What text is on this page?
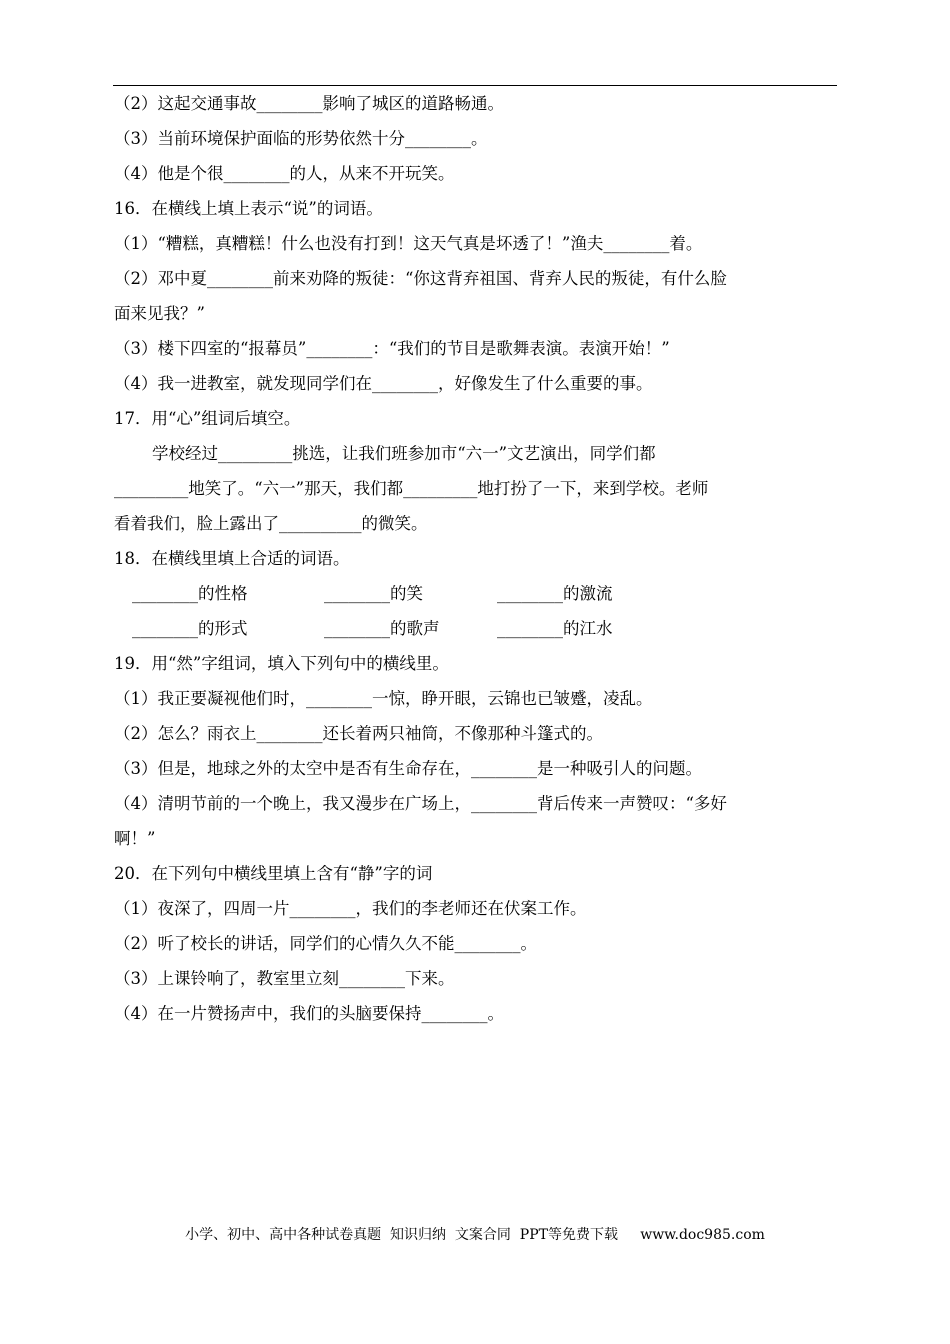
（2）这起交通事故________影响了城区的道路畅通。
（3）当前环境保护面临的形势依然十分________。
（4）他是个很________的人，从来不开玩笑。
16．在横线上填上表示“说”的词语。
（1）“糟糕，真糟糕！什么也没有打到！这天气真是坏透了！”渔夫________着。
（2）邓中夏________前来劝降的叛徒：“你这背弃祖国、背弃人民的叛徒，有什么脸
面来见我？”
（3）楼下四室的“报幕员”________：“我们的节目是歌舞表演。表演开始！”
（4）我一进教室，就发现同学们在________，好像发生了什么重要的事。
17．用“心”组词后填空。
学校经过_________挑选，让我们班参加市“六一”文艺演出，同学们都
_________地笑了。“六一”那天，我们都_________地打扮了一下，来到学校。老师
看着我们，脸上露出了__________的微笑。
18．在横线里填上合适的词语。
________的性格	________的笑	________的激流
________的形式	________的歌声	________的江水
19．用“然”字组词，填入下列句中的横线里。
（1）我正要凝视他们时，________一惊，睁开眼，云锦也已皱蹙，凌乱。
（2）怎么？雨衣上________还长着两只袖筒，不像那种斗篷式的。
（3）但是，地球之外的太空中是否有生命存在，________是一种吸引人的问题。
（4）清明节前的一个晚上，我又漫步在广场上，________背后传来一声赞叹：“多好
啊！”
20．在下列句中横线里填上含有“静”字的词
（1）夜深了，四周一片________，我们的李老师还在伏案工作。
（2）听了校长的讲话，同学们的心情久久不能________。
（3）上课铃响了，教室里立刻________下来。
（4）在一片赞扬声中，我们的头脑要保持________。
小学、初中、高中各种试卷真题  知识归纳  文案合同  PPT等免费下载     www.doc985.com
